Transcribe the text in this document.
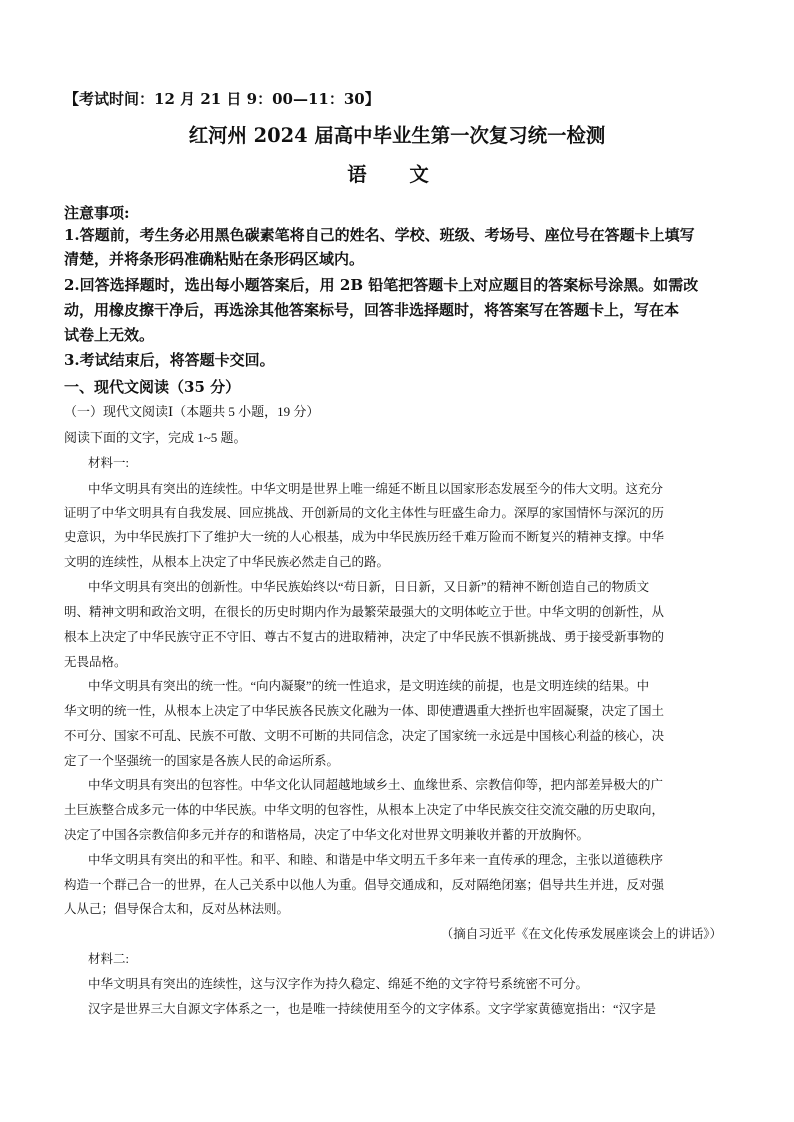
【考试时间：12 月 21 日 9：00—11：30】
红河州 2024 届高中毕业生第一次复习统一检测
语 文
注意事项:
1.答题前，考生务必用黑色碳素笔将自己的姓名、学校、班级、考场号、座位号在答题卡上填写
清楚，并将条形码准确粘贴在条形码区域内。
2.回答选择题时，选出每小题答案后，用 2B 铅笔把答题卡上对应题目的答案标号涂黑。如需改
动，用橡皮擦干净后，再选涂其他答案标号，回答非选择题时，将答案写在答题卡上，写在本
试卷上无效。
3.考试结束后，将答题卡交回。
一、现代文阅读（35 分）
（一）现代文阅读Ⅰ（本题共 5 小题，19 分）
阅读下面的文字，完成 1~5 题。
材料一:
中华文明具有突出的连续性。中华文明是世界上唯一绵延不断且以国家形态发展至今的伟大文明。这充分
证明了中华文明具有自我发展、回应挑战、开创新局的文化主体性与旺盛生命力。深厚的家国情怀与深沉的历
史意识，为中华民族打下了维护大一统的人心根基，成为中华民族历经千难万险而不断复兴的精神支撑。中华
文明的连续性，从根本上决定了中华民族必然走自己的路。
中华文明具有突出的创新性。中华民族始终以“苟日新，日日新，又日新”的精神不断创造自己的物质文
明、精神文明和政治文明，在很长的历史时期内作为最繁荣最强大的文明体屹立于世。中华文明的创新性，从
根本上决定了中华民族守正不守旧、尊古不复古的进取精神，决定了中华民族不惧新挑战、勇于接受新事物的
无畏品格。
中华文明具有突出的统一性。“向内凝聚”的统一性追求，是文明连续的前提，也是文明连续的结果。中
华文明的统一性，从根本上决定了中华民族各民族文化融为一体、即使遭遇重大挫折也牢固凝聚，决定了国土
不可分、国家不可乱、民族不可散、文明不可断的共同信念，决定了国家统一永远是中国核心利益的核心，决
定了一个坚强统一的国家是各族人民的命运所系。
中华文明具有突出的包容性。中华文化认同超越地域乡土、血缘世系、宗教信仰等，把内部差异极大的广
土巨族整合成多元一体的中华民族。中华文明的包容性，从根本上决定了中华民族交往交流交融的历史取向，
决定了中国各宗教信仰多元并存的和谐格局，决定了中华文化对世界文明兼收并蓄的开放胸怀。
中华文明具有突出的和平性。和平、和睦、和谐是中华文明五千多年来一直传承的理念，主张以道德秩序
构造一个群己合一的世界，在人己关系中以他人为重。倡导交通成和，反对隔绝闭塞；倡导共生并进，反对强
人从己；倡导保合太和，反对丛林法则。
（摘自习近平《在文化传承发展座谈会上的讲话》）
材料二:
中华文明具有突出的连续性，这与汉字作为持久稳定、绵延不绝的文字符号系统密不可分。
汉字是世界三大自源文字体系之一，也是唯一持续使用至今的文字体系。文字学家黄德宽指出：“汉字是
